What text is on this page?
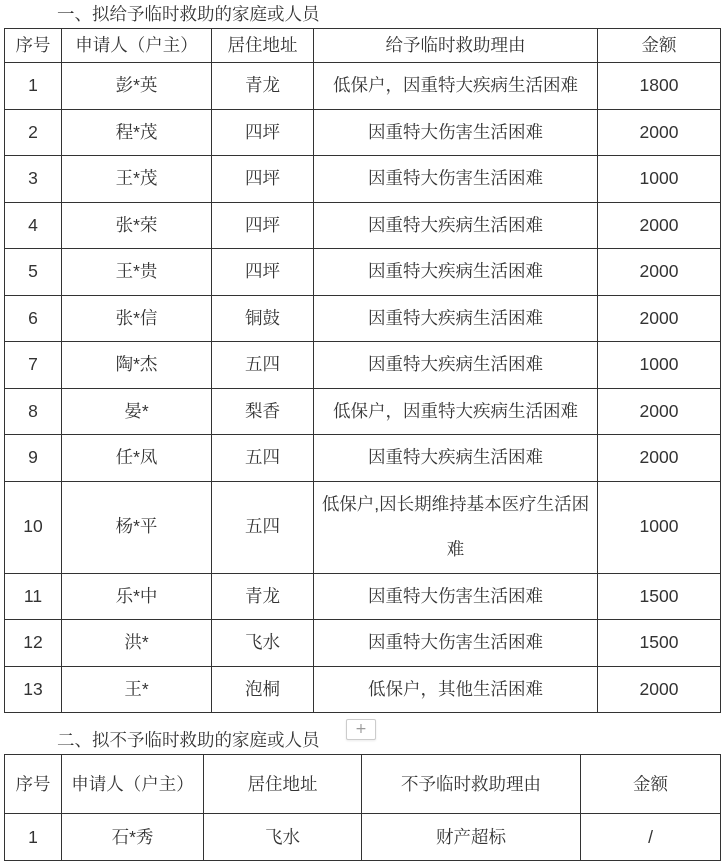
一、拟给予临时救助的家庭或人员
序号	申请人（户主）	居住地址	给予临时救助理由	金额
1	彭*英	青龙	低保户，因重特大疾病生活困难	1800
2	程*茂	四坪	因重特大伤害生活困难	2000
3	王*茂	四坪	因重特大伤害生活困难	1000
4	张*荣	四坪	因重特大疾病生活困难	2000
5	王*贵	四坪	因重特大疾病生活困难	2000
6	张*信	铜鼓	因重特大疾病生活困难	2000
7	陶*杰	五四	因重特大疾病生活困难	1000
8	晏*	梨香	低保户，因重特大疾病生活困难	2000
9	任*凤	五四	因重特大疾病生活困难	2000
10	杨*平	五四	低保户,因长期维持基本医疗生活困难	1000
11	乐*中	青龙	因重特大伤害生活困难	1500
12	洪*	飞水	因重特大伤害生活困难	1500
13	王*	泡桐	低保户，其他生活困难	2000
+
二、拟不予临时救助的家庭或人员
序号	申请人（户主）	居住地址	不予临时救助理由	金额
1	石*秀	飞水	财产超标	/
